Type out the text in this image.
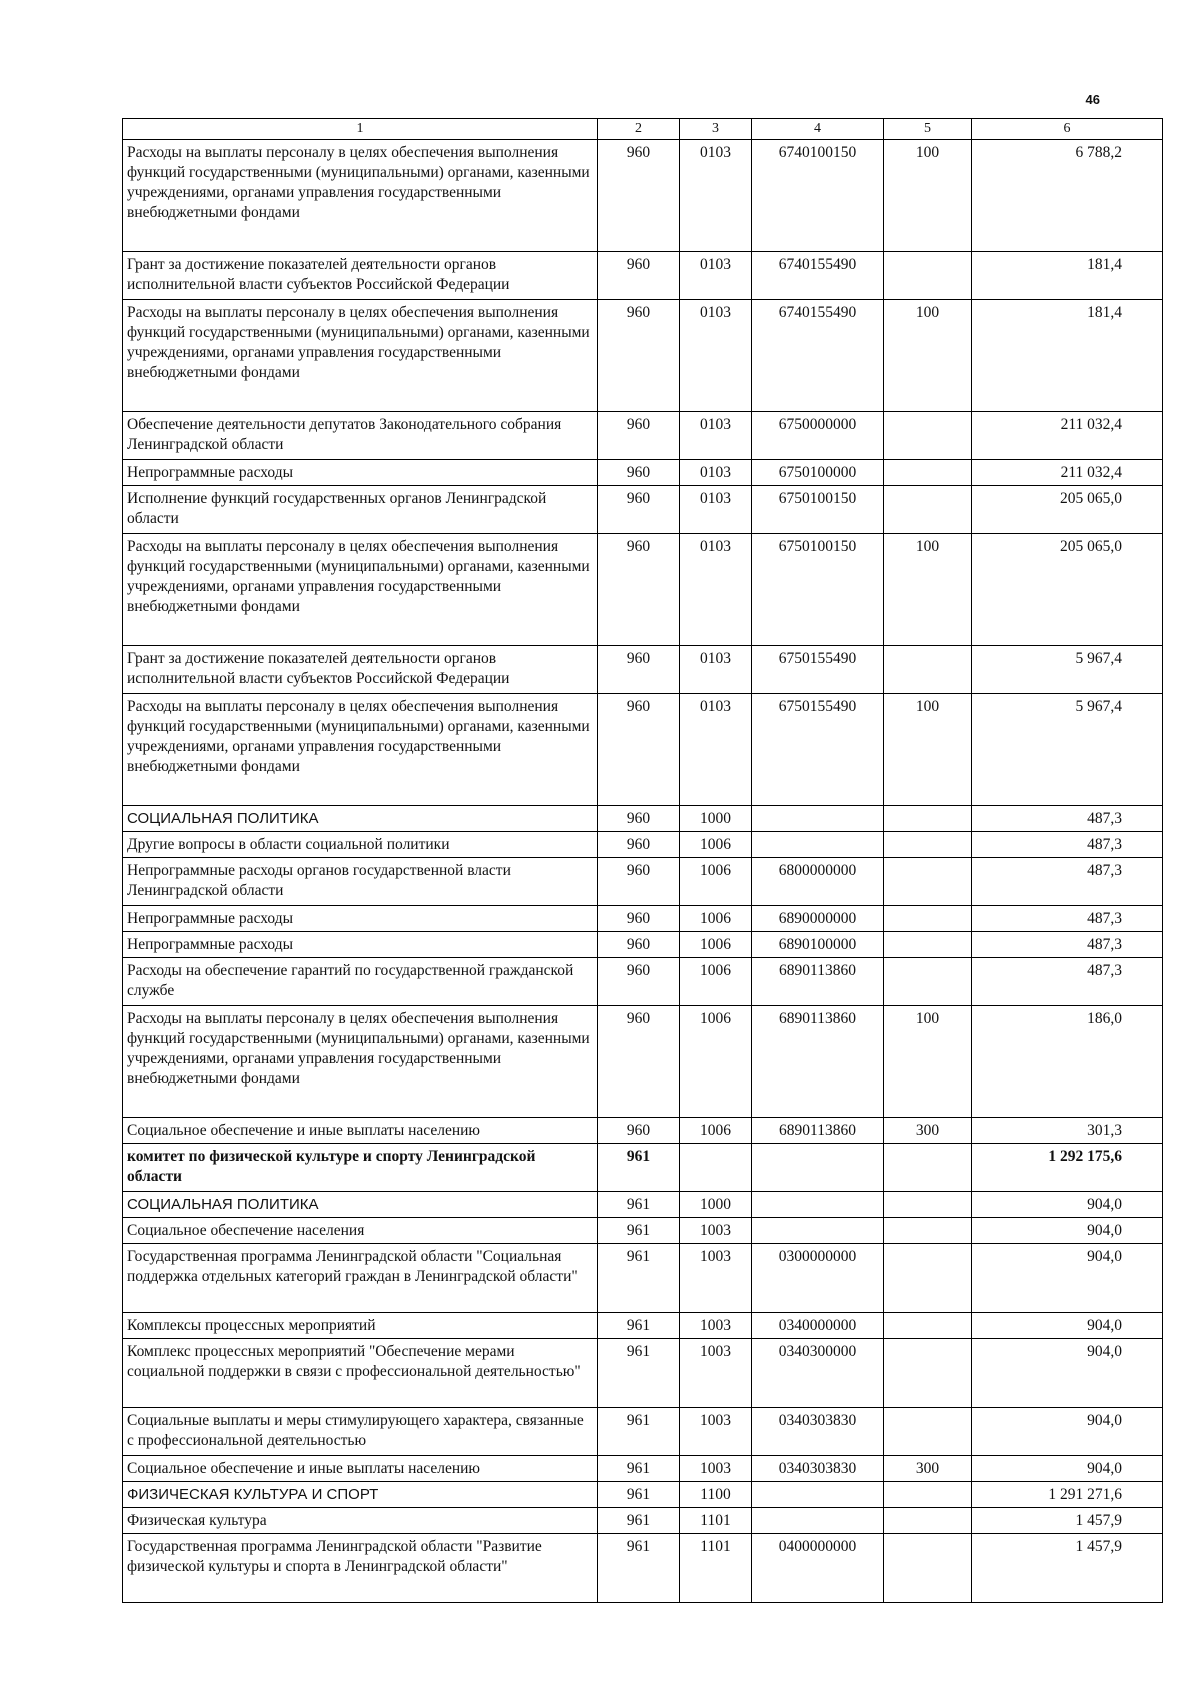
46
1	2	3	4	5	6
Расходы на выплаты персоналу в целях обеспечения выполнения функций государственными (муниципальными) органами, казенными учреждениями, органами управления государственными внебюджетными фондами	960	0103	6740100150	100	6 788,2
Грант за достижение показателей деятельности органов исполнительной власти субъектов Российской Федерации	960	0103	6740155490		181,4
Расходы на выплаты персоналу в целях обеспечения выполнения функций государственными (муниципальными) органами, казенными учреждениями, органами управления государственными внебюджетными фондами	960	0103	6740155490	100	181,4
Обеспечение деятельности депутатов Законодательного собрания Ленинградской области	960	0103	6750000000		211 032,4
Непрограммные расходы	960	0103	6750100000		211 032,4
Исполнение функций государственных органов Ленинградской области	960	0103	6750100150		205 065,0
Расходы на выплаты персоналу в целях обеспечения выполнения функций государственными (муниципальными) органами, казенными учреждениями, органами управления государственными внебюджетными фондами	960	0103	6750100150	100	205 065,0
Грант за достижение показателей деятельности органов исполнительной власти субъектов Российской Федерации	960	0103	6750155490		5 967,4
Расходы на выплаты персоналу в целях обеспечения выполнения функций государственными (муниципальными) органами, казенными учреждениями, органами управления государственными внебюджетными фондами	960	0103	6750155490	100	5 967,4
СОЦИАЛЬНАЯ ПОЛИТИКА	960	1000			487,3
Другие вопросы в области социальной политики	960	1006			487,3
Непрограммные расходы органов государственной власти Ленинградской области	960	1006	6800000000		487,3
Непрограммные расходы	960	1006	6890000000		487,3
Непрограммные расходы	960	1006	6890100000		487,3
Расходы на обеспечение гарантий по государственной гражданской службе	960	1006	6890113860		487,3
Расходы на выплаты персоналу в целях обеспечения выполнения функций государственными (муниципальными) органами, казенными учреждениями, органами управления государственными внебюджетными фондами	960	1006	6890113860	100	186,0
Социальное обеспечение и иные выплаты населению	960	1006	6890113860	300	301,3
комитет по физической культуре и спорту Ленинградской области	961				1 292 175,6
СОЦИАЛЬНАЯ ПОЛИТИКА	961	1000			904,0
Социальное обеспечение населения	961	1003			904,0
Государственная программа Ленинградской области "Социальная поддержка отдельных категорий граждан в Ленинградской области"	961	1003	0300000000		904,0
Комплексы процессных мероприятий	961	1003	0340000000		904,0
Комплекс процессных мероприятий "Обеспечение мерами социальной поддержки в связи с профессиональной деятельностью"	961	1003	0340300000		904,0
Социальные выплаты и меры стимулирующего характера, связанные с профессиональной деятельностью	961	1003	0340303830		904,0
Социальное обеспечение и иные выплаты населению	961	1003	0340303830	300	904,0
ФИЗИЧЕСКАЯ КУЛЬТУРА И СПОРТ	961	1100			1 291 271,6
Физическая культура	961	1101			1 457,9
Государственная программа Ленинградской области "Развитие физической культуры и спорта в Ленинградской области"	961	1101	0400000000		1 457,9
